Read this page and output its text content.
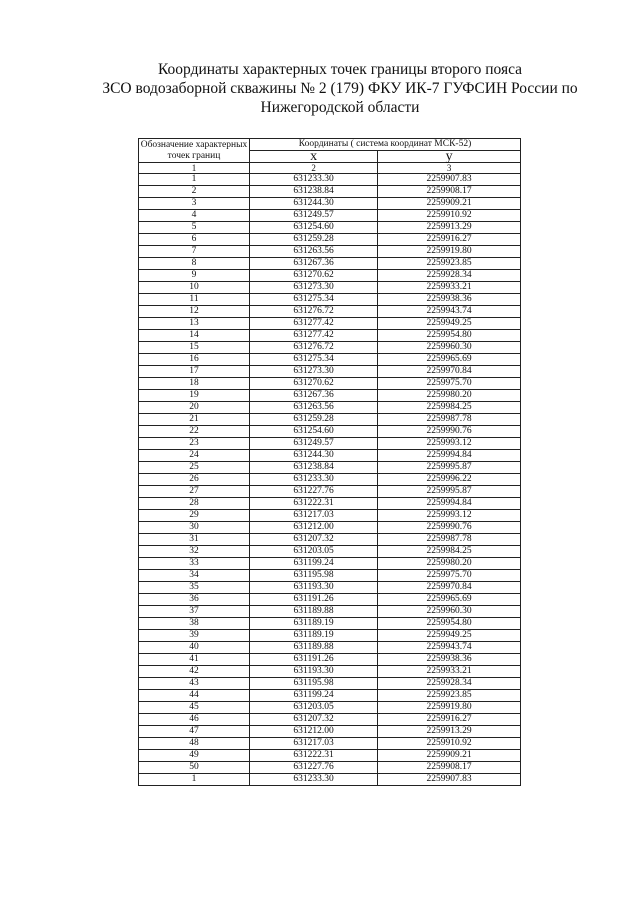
Координаты характерных точек границы второго пояса
ЗСО водозаборной скважины № 2 (179) ФКУ ИК-7 ГУФСИН России по
Нижегородской области
Обозначение характерных точек границ	Координаты ( система координат МСК-52)	
	x	y
1	2	3
1	631233.30	2259907.83
2	631238.84	2259908.17
3	631244.30	2259909.21
4	631249.57	2259910.92
5	631254.60	2259913.29
6	631259.28	2259916.27
7	631263.56	2259919.80
8	631267.36	2259923.85
9	631270.62	2259928.34
10	631273.30	2259933.21
11	631275.34	2259938.36
12	631276.72	2259943.74
13	631277.42	2259949.25
14	631277.42	2259954.80
15	631276.72	2259960.30
16	631275.34	2259965.69
17	631273.30	2259970.84
18	631270.62	2259975.70
19	631267.36	2259980.20
20	631263.56	2259984.25
21	631259.28	2259987.78
22	631254.60	2259990.76
23	631249.57	2259993.12
24	631244.30	2259994.84
25	631238.84	2259995.87
26	631233.30	2259996.22
27	631227.76	2259995.87
28	631222.31	2259994.84
29	631217.03	2259993.12
30	631212.00	2259990.76
31	631207.32	2259987.78
32	631203.05	2259984.25
33	631199.24	2259980.20
34	631195.98	2259975.70
35	631193.30	2259970.84
36	631191.26	2259965.69
37	631189.88	2259960.30
38	631189.19	2259954.80
39	631189.19	2259949.25
40	631189.88	2259943.74
41	631191.26	2259938.36
42	631193.30	2259933.21
43	631195.98	2259928.34
44	631199.24	2259923.85
45	631203.05	2259919.80
46	631207.32	2259916.27
47	631212.00	2259913.29
48	631217.03	2259910.92
49	631222.31	2259909.21
50	631227.76	2259908.17
1	631233.30	2259907.83
